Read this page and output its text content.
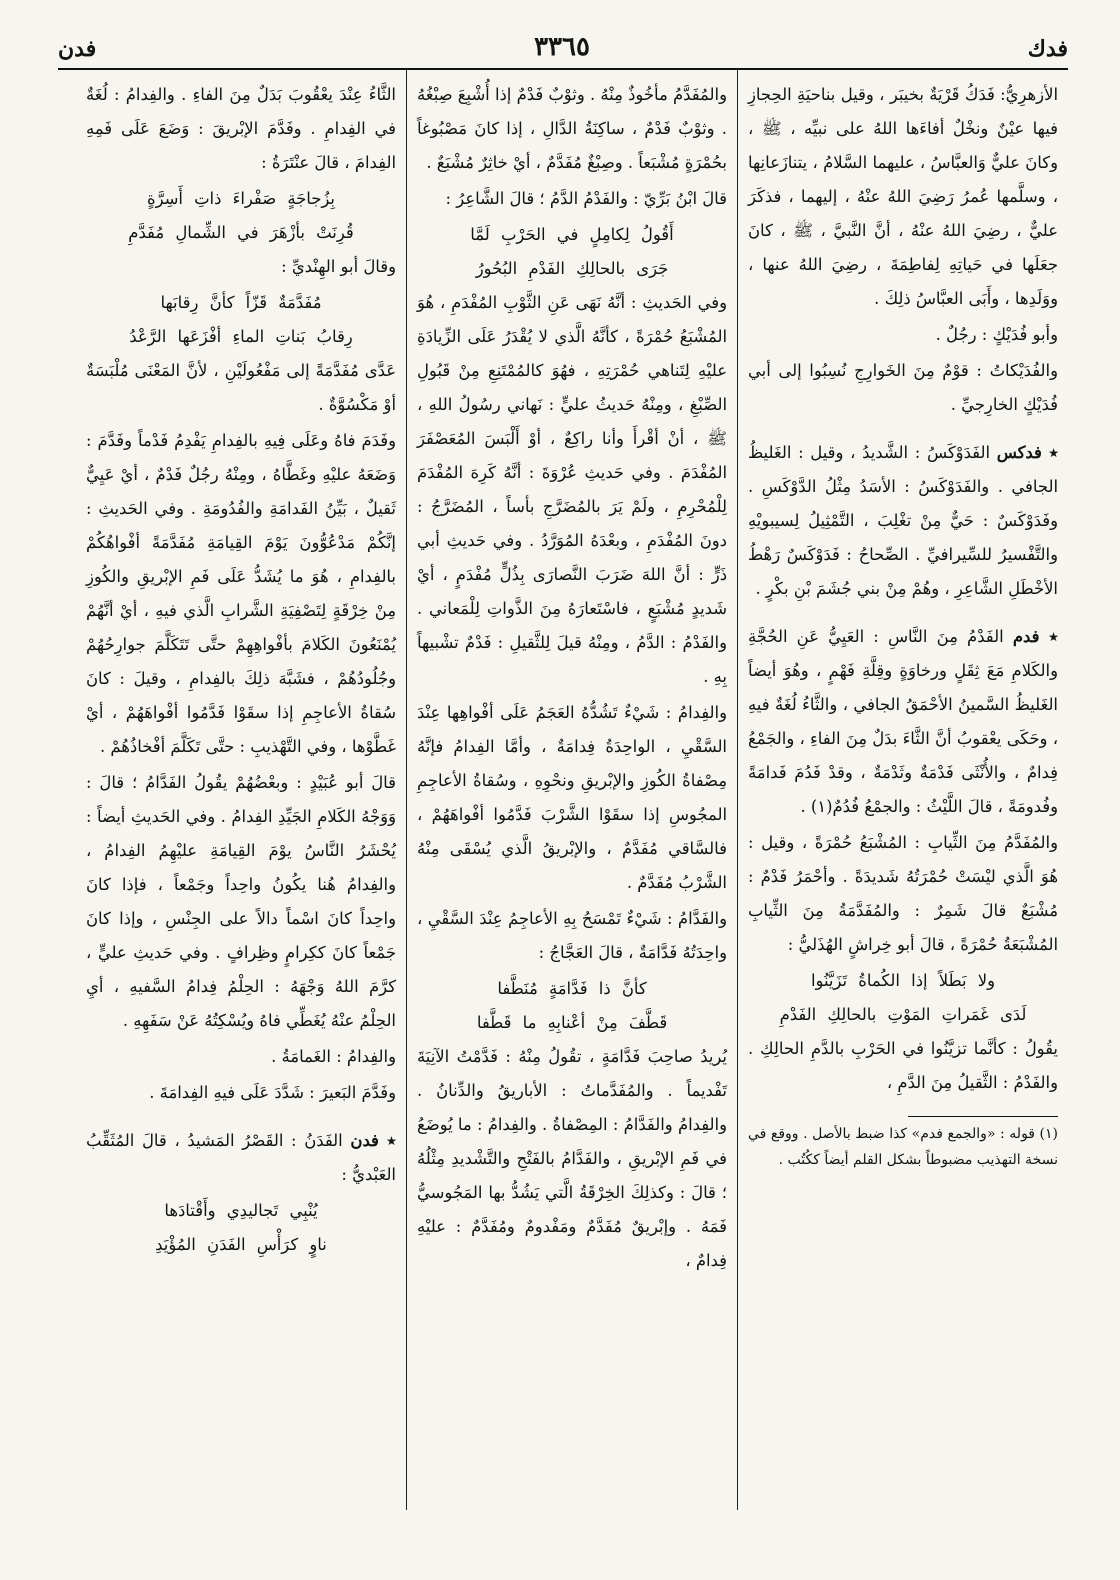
فدك
٣٣٦٥
فدن

الأزهرِيُّ: فَدَكُ قَرْيَةٌ بخيبَر ، وقيل بناحيَةِ الحِجازِ فيها عيْنٌ ونخْلٌ أفاءَها اللهُ على نبيِّه ، ﷺ ، وكانَ عليٌّ وَالعبَّاسُ ، عليهما السَّلامُ ، يتنازَعانِها ، وسلَّمها عُمرُ رَضِيَ اللهُ عنْهُ ، إليهما ، فذكَرَ عليٌّ ، رضِيَ اللهُ عنْهُ ، أنَّ النَّبيَّ ، ﷺ ، كانَ جعَلَها في حَياتِهِ لِفاطِمَةَ ، رضِيَ اللهُ عنها ، ووَلَدِها ، وأَبَى العبَّاسُ ذلِكَ .

وأبو فُدَيْكٍ : رجُلٌ .

والفُدَيْكاتُ : قوْمٌ مِنَ الخَوارِجِ نُسِبُوا إلى أبي فُدَيْكٍ الخارِجيِّ .

٭ فدكس الفَدَوْكَسُ : الشَّديدُ ، وقيل : الغَليظُ الجافي . والفَدَوْكَسُ : الأسَدُ مِثْلُ الدَّوْكَسِ . وفَدَوْكَسٌ : حَيٌّ مِنْ تغْلِبَ ، التَّمْثِيلُ لِسيبويْهِ والتَّفْسيرُ للسِّيرافيِّ . الصِّحاحُ : فَدَوْكَسٌ رَهْطُ الأخْطَلِ الشَّاعِرِ ، وهُمْ مِنْ بني جُشَمَ بْنِ بكْرٍ .

٭ فدم الفَدْمُ مِنَ النَّاسِ : العَيِيُّ عَنِ الحُجَّةِ والكَلامِ مَعَ ثِقَلٍ ورخاوَةٍ وقِلَّةِ فَهْمٍ ، وهُوَ أيضاً الغَليظُ السَّمينُ الأحْمَقُ الجافي ، والثَّاءُ لُغَةٌ فيهِ ، وحَكَى يعْقوبُ أنَّ الثَّاءَ بدَلٌ مِنَ الفاءِ ، والجَمْعُ فِدامٌ ، والأُنْثَى فَدْمَةٌ وثَدْمَةٌ ، وقدْ فَدُمَ فَدامَةً وفُدومَةً ، قالَ اللَّيْثُ : والجمْعُ فُدُمٌ(١) .

والمُفَدَّمُ مِنَ الثِّيابِ : المُشْبَعُ حُمْرَةً ، وقيل : هُوَ الَّذي ليْسَتْ حُمْرَتُهُ شَديدَةً . وأحْمَرُ فَدْمٌ : مُشْبَعٌ قالَ شَمِرٌ : والمُفَدَّمَةُ مِنَ الثِّيابِ المُشْبَعَةُ حُمْرَةً ، قالَ أبو خِراشٍ الهُذَليُّ :

ولا بَطَلاً إذا الكُماةُ تَزَيَّنُوا

لَدَى غَمَراتِ المَوْتِ بالحالِكِ الفَدْمِ

يقُولُ : كأنَّما تزيَّنُوا في الحَرْبِ بالدَّمِ الحالِكِ . والفَدْمُ : الثَّقيلُ مِنَ الدَّمِ ،

(١) قوله : «والجمع فدم» كذا ضبط بالأصل . ووقع في نسخة التهذيب مضبوطاً بشكل القلم أيضاً ككُتُب .

والمُفَدَّمُ مأخُوذٌ مِنْهُ . وثوْبٌ فَدْمٌ إذا أُشْبِعَ صِبْغُهُ . وثوْبٌ فَدْمٌ ، ساكِنَةُ الدَّالِ ، إذا كانَ مَصْبُوغاً بحُمْرَةٍ مُشْبَعاً . وصِبْغٌ مُفَدَّمٌ ، أيْ خاثِرٌ مُشْبَعٌ .

قالَ ابْنُ بَرِّيّ : والفَدْمُ الدَّمُ ؛ قالَ الشَّاعِرُ :

أَقُولُ لِكامِلٍ في الحَرْبِ لَمَّا

جَرَى بالحالِكِ الفَدْمِ البُحُورُ

وفي الحَديثِ : أنَّهُ نَهَى عَنِ الثَّوْبِ المُفْدَمِ ، هُوَ المُشْبَعُ حُمْرَةً ، كأنَّهُ الَّذي لا يُقْدَرُ عَلَى الزِّيادَةِ عليْهِ لِتَناهي حُمْرَتِهِ ، فهُوَ كالمُمْتَنِعِ مِنْ قَبُولِ الصِّبْغِ ، ومِنْهُ حَديثُ عليٍّ : نَهاني رسُولُ اللهِ ، ﷺ ، أنْ أقْرأَ وأنا راكِعٌ ، أوْ أَلْبَسَ المُعَصْفَرَ المُفْدَمَ . وفي حَديثِ عُرْوَةَ : أنَّهُ كَرِهَ المُفْدَمَ لِلْمُحْرِمِ ، ولَمْ يَرَ بالمُضَرَّجِ بأساً ، المُضَرَّجُ : دونَ المُفْدَمِ ، وبعْدَهُ المُوَرَّدُ . وفي حَديثِ أبي ذَرٍّ : أنَّ اللهَ ضَرَبَ النَّصارَى بِذُلٍّ مُفْدَمٍ ، أيْ شَديدٍ مُشْبَعٍ ، فاسْتَعارَهُ مِنَ الذَّواتِ لِلْمَعاني . والفَدْمُ : الدَّمُ ، ومِنْهُ قيلَ لِلثَّقيلِ : فَدْمٌ تشْبيهاً بِهِ .

والفِدامُ : شَيْءٌ تَشُدُّهُ العَجَمُ عَلَى أفْواهِها عِنْدَ السَّقْيِ ، الواحِدَةُ فِدامَةٌ ، وأمَّا الفِدامُ فإنَّهُ مِصْفاةُ الكُوزِ والإبْريقِ ونحْوِهِ ، وسُقاةُ الأعاجِمِ المجُوسِ إذا سقَوْا الشَّرْبَ فَدَّمُوا أفْواهَهُمْ ، فالسَّاقي مُفَدَّمٌ ، والإبْريقُ الَّذي يُسْقَى مِنْهُ الشَّرْبُ مُفَدَّمٌ .

والفَدَّامُ : شَيْءٌ تَمْسَحُ بِهِ الأعاجِمُ عِنْدَ السَّقْيِ ، واحِدَتُهُ فَدَّامَةٌ ، قالَ العَجَّاجُ :

كأنَّ ذا فَدَّامَةٍ مُنَطَّفا

قَطَّفَ مِنْ أعْنابِهِ ما قَطَّفا

يُريدُ صاحِبَ فَدَّامَةٍ ، تقُولُ مِنْهُ : فَدَّمْتُ الآنِيَةَ تَفْديماً . والمُفَدَّماتُ : الأباريقُ والدِّنانُ . والفِدامُ والفَدَّامُ : المِصْفاةُ . والفِدامُ : ما يُوضَعُ في فَمِ الإبْريقِ ، والفَدَّامُ بالفَتْحِ والتَّشْديدِ مِثْلُهُ ؛ قالَ : وكذلِكَ الخِرْقَةُ الَّتي يَشُدُّ بها المَجُوسيُّ فَمَهُ . وإبْريقٌ مُفَدَّمٌ ومَفْدومٌ ومُفَدَّمٌ : عليْهِ فِدامٌ ،

الثَّاءُ عِنْدَ يعْقُوبَ بَدَلٌ مِنَ الفاءِ . والفِدامُ : لُغَةٌ في الفِدامِ . وفَدَّمَ الإبْريقَ : وَضَعَ عَلَى فَمِهِ الفِدامَ ، قالَ عنْتَرَةُ :

بِزُجاجَةٍ صَفْراءَ ذاتِ أَسِرَّةٍ

قُرِنَتْ بأزْهَرَ في الشِّمالِ مُفَدَّمِ

وقالَ أبو الهِنْديِّ :

مُفَدَّمَةٌ قَزّاً كأنَّ رِقابَها

رِقابُ بَناتِ الماءِ أفْزَعَها الرَّعْدُ

عَدَّى مُفَدَّمَةً إلى مَفْعُولَيْنِ ، لأنَّ المَعْنَى مُلْبَسَةٌ أوْ مَكْسُوَّةٌ .

وفَدَمَ فاهُ وعَلَى فِيهِ بالفِدامِ يَفْدِمُ فَدْماً وفَدَّمَ : وَضَعَهُ عليْهِ وغَطَّاهُ ، ومِنْهُ رجُلٌ فَدْمٌ ، أيْ عَيِيٌّ ثَقيلٌ ، بَيِّنُ الفَدامَةِ والفُدُومَةِ . وفي الحَديثِ : إنَّكُمْ مَدْعُوُّونَ يَوْمَ القِيامَةِ مُفَدَّمَةً أفْواهُكُمْ بالفِدامِ ، هُوَ ما يُشَدُّ عَلَى فَمِ الإبْريقِ والكُوزِ مِنْ خِرْقَةٍ لِتَصْفِيَةِ الشَّرابِ الَّذي فيهِ ، أيْ أنَّهُمْ يُمْنَعُونَ الكَلامَ بأفْواهِهِمْ حتَّى تَتَكَلَّمَ جوارِحُهُمْ وجُلُودُهُمْ ، فشَبَّهَ ذلِكَ بالفِدامِ ، وقيلَ : كانَ سُقاةُ الأعاجِمِ إذا سقَوْا فَدَّمُوا أفْواهَهُمْ ، أيْ غَطَّوْها ، وفي التَّهْذيبِ : حتَّى تَكَلَّمَ أفْخاذُهُمْ .

قالَ أبو عُبَيْدٍ : وبعْضُهُمْ يقُولُ الفَدَّامُ ؛ قالَ : وَوَجْهُ الكَلامِ الجَيِّدِ الفِدامُ . وفي الحَديثِ أيضاً : يُحْشَرُ النَّاسُ يوْمَ القِيامَةِ عليْهِمُ الفِدامُ ، والفِدامُ هُنا يكُونُ واحِداً وجَمْعاً ، فإذا كانَ واحِداً كانَ اسْماً دالاً على الجِنْسِ ، وإذا كانَ جَمْعاً كانَ ككِرامٍ وظِرافٍ . وفي حَديثِ عليٍّ ، كرَّمَ اللهُ وَجْهَهُ : الحِلْمُ فِدامُ السَّفيهِ ، أيِ الحِلْمُ عنْهُ يُغَطِّي فاهُ ويُسْكِتُهُ عَنْ سَفَهِهِ .

والفِدامُ : الغَمامَةُ .

وفَدَّمَ البَعيرَ : شَدَّدَ عَلَى فيهِ الفِدامَةَ .

٭ فدن الفَدَنُ : القَصْرُ المَشيدُ ، قالَ المُثَقِّبُ العَبْديُّ :

يُنْبِي تَجاليدِي وأَقْتادَها

ناوٍ كرَأْسِ الفَدَنِ المُؤْيَدِ
